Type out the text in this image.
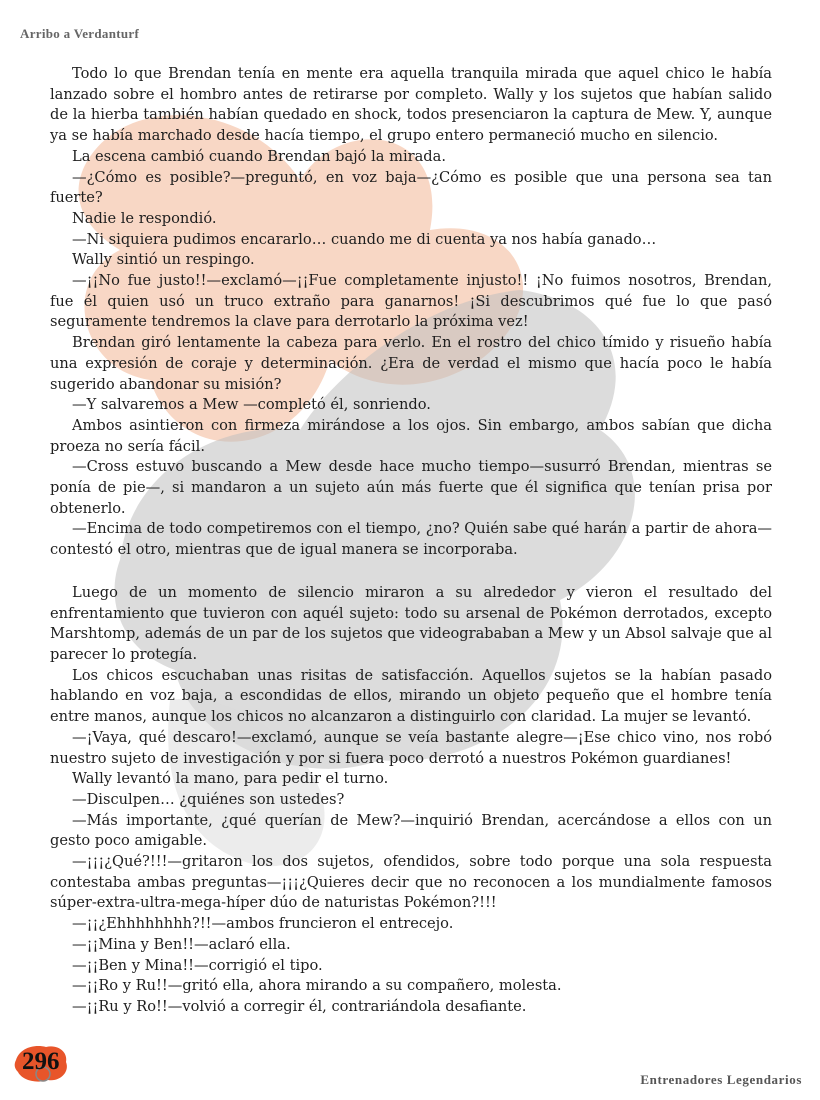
Arribo a Verdanturf

Todo lo que Brendan tenía en mente era aquella tranquila mirada que aquel chico le había lanzado sobre el hombro antes de retirarse por completo. Wally y los sujetos que habían salido de la hierba también habían quedado en shock, todos presenciaron la captura de Mew. Y, aunque ya se había marchado desde hacía tiempo, el grupo entero permaneció mucho en silencio.

La escena cambió cuando Brendan bajó la mirada.

—¿Cómo es posible?—preguntó, en voz baja—¿Cómo es posible que una persona sea tan fuerte?

Nadie le respondió.

—Ni siquiera pudimos encararlo… cuando me di cuenta ya nos había ganado…

Wally sintió un respingo.

—¡¡No fue justo!!—exclamó—¡¡Fue completamente injusto!! ¡No fuimos nosotros, Brendan, fue él quien usó un truco extraño para ganarnos! ¡Si descubrimos qué fue lo que pasó seguramente tendremos la clave para derrotarlo la próxima vez!

Brendan giró lentamente la cabeza para verlo. En el rostro del chico tímido y risueño había una expresión de coraje y determinación. ¿Era de verdad el mismo que hacía poco le había sugerido abandonar su misión?

—Y salvaremos a Mew —completó él, sonriendo.

Ambos asintieron con firmeza mirándose a los ojos. Sin embargo, ambos sabían que dicha proeza no sería fácil.

—Cross estuvo buscando a Mew desde hace mucho tiempo—susurró Brendan, mientras se ponía de pie—, si mandaron a un sujeto aún más fuerte que él significa que tenían prisa por obtenerlo.

—Encima de todo competiremos con el tiempo, ¿no? Quién sabe qué harán a partir de ahora—contestó el otro, mientras que de igual manera se incorporaba.

Luego de un momento de silencio miraron a su alrededor y vieron el resultado del enfrentamiento que tuvieron con aquél sujeto: todo su arsenal de Pokémon derrotados, excepto Marshtomp, además de un par de los sujetos que videogrababan a Mew y un Absol salvaje que al parecer lo protegía.

Los chicos escuchaban unas risitas de satisfacción. Aquellos sujetos se la habían pasado hablando en voz baja, a escondidas de ellos, mirando un objeto pequeño que el hombre tenía entre manos, aunque los chicos no alcanzaron a distinguirlo con claridad. La mujer se levantó.

—¡Vaya, qué descaro!—exclamó, aunque se veía bastante alegre—¡Ese chico vino, nos robó nuestro sujeto de investigación y por si fuera poco derrotó a nuestros Pokémon guardianes!

Wally levantó la mano, para pedir el turno.

—Disculpen… ¿quiénes son ustedes?

—Más importante, ¿qué querían de Mew?—inquirió Brendan, acercándose a ellos con un gesto poco amigable.

—¡¡¡¿Qué?!!!—gritaron los dos sujetos, ofendidos, sobre todo porque una sola respuesta contestaba ambas preguntas—¡¡¡¿Quieres decir que no reconocen a los mundialmente famosos súper-extra-ultra-mega-híper dúo de naturistas Pokémon?!!!

—¡¡¿Ehhhhhhhh?!!—ambos fruncieron el entrecejo.

—¡¡Mina y Ben!!—aclaró ella.

—¡¡Ben y Mina!!—corrigió el tipo.

—¡¡Ro y Ru!!—gritó ella, ahora mirando a su compañero, molesta.

—¡¡Ru y Ro!!—volvió a corregir él, contrariándola desafiante.

296
Entrenadores Legendarios
